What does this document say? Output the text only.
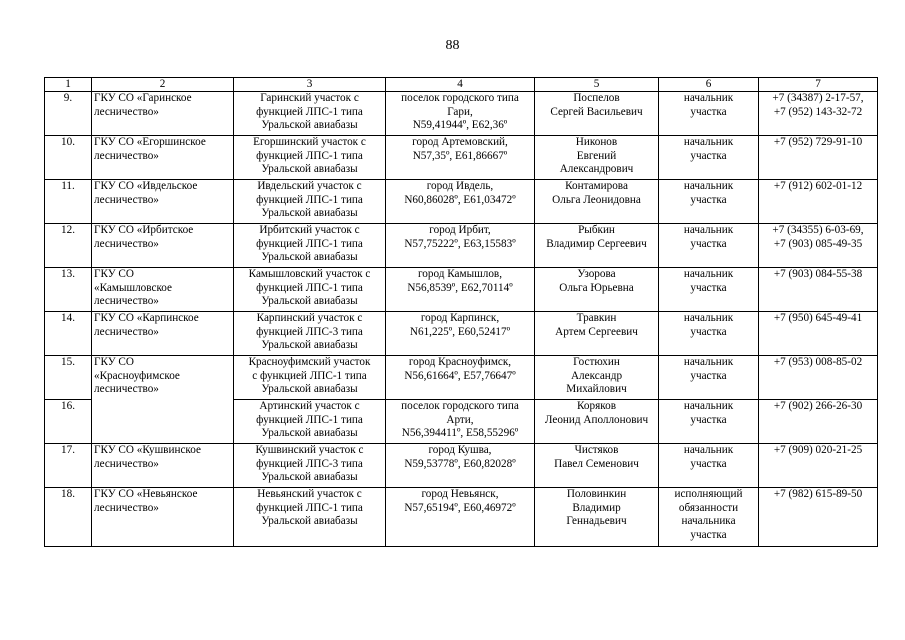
88
1	2	3	4	5	6	7
9.	ГКУ СО «Гаринское
лесничество»	Гаринский участок с
функцией ЛПС-1 типа
Уральской авиабазы	поселок городского типа
Гари,
N59,41944º, E62,36º	Поспелов
Сергей Васильевич	начальник
участка	+7 (34387) 2-17-57,
+7 (952) 143-32-72

10.	ГКУ СО «Егоршинское
лесничество»	Егоршинский участок с
функцией ЛПС-1 типа
Уральской авиабазы	город Артемовский,
N57,35º, E61,86667º	Никонов
Евгений
Александрович	начальник
участка	+7 (952) 729-91-10

11.	ГКУ СО «Ивдельское
лесничество»	Ивдельский участок с
функцией ЛПС-1 типа
Уральской авиабазы	город Ивдель,
N60,86028º, E61,03472º	Контамирова
Ольга Леонидовна	начальник
участка	+7 (912) 602-01-12

12.	ГКУ СО «Ирбитское
лесничество»	Ирбитский участок с
функцией ЛПС-1 типа
Уральской авиабазы	город Ирбит,
N57,75222º, E63,15583º	Рыбкин
Владимир Сергеевич	начальник
участка	+7 (34355) 6-03-69,
+7 (903) 085-49-35

13.	ГКУ СО
«Камышловское
лесничество»	Камышловский участок с
функцией ЛПС-1 типа
Уральской авиабазы	город Камышлов,
N56,8539º, E62,70114º	Узорова
Ольга Юрьевна	начальник
участка	+7 (903) 084-55-38

14.	ГКУ СО «Карпинское
лесничество»	Карпинский участок с
функцией ЛПС-3 типа
Уральской авиабазы	город Карпинск,
N61,225º, E60,52417º	Травкин
Артем Сергеевич	начальник
участка	+7 (950) 645-49-41

15.	ГКУ СО
«Красноуфимское
лесничество»	Красноуфимский участок
с функцией ЛПС-1 типа
Уральской авиабазы	город Красноуфимск,
N56,61664º, E57,76647º	Гостюхин
Александр
Михайлович	начальник
участка	+7 (953) 008-85-02

16.		Артинский участок с
функцией ЛПС-1 типа
Уральской авиабазы	поселок городского типа
Арти,
N56,394411º, E58,55296º	Коряков
Леонид Аполлонович	начальник
участка	+7 (902) 266-26-30

17.	ГКУ СО «Кушвинское
лесничество»	Кушвинский участок с
функцией ЛПС-3 типа
Уральской авиабазы	город Кушва,
N59,53778º, E60,82028º	Чистяков
Павел Семенович	начальник
участка	+7 (909) 020-21-25

18.	ГКУ СО «Невьянское
лесничество»	Невьянский участок с
функцией ЛПС-1 типа
Уральской авиабазы	город Невьянск,
N57,65194º, E60,46972º	Половинкин
Владимир
Геннадьевич	исполняющий
обязанности
начальника
участка	+7 (982) 615-89-50
